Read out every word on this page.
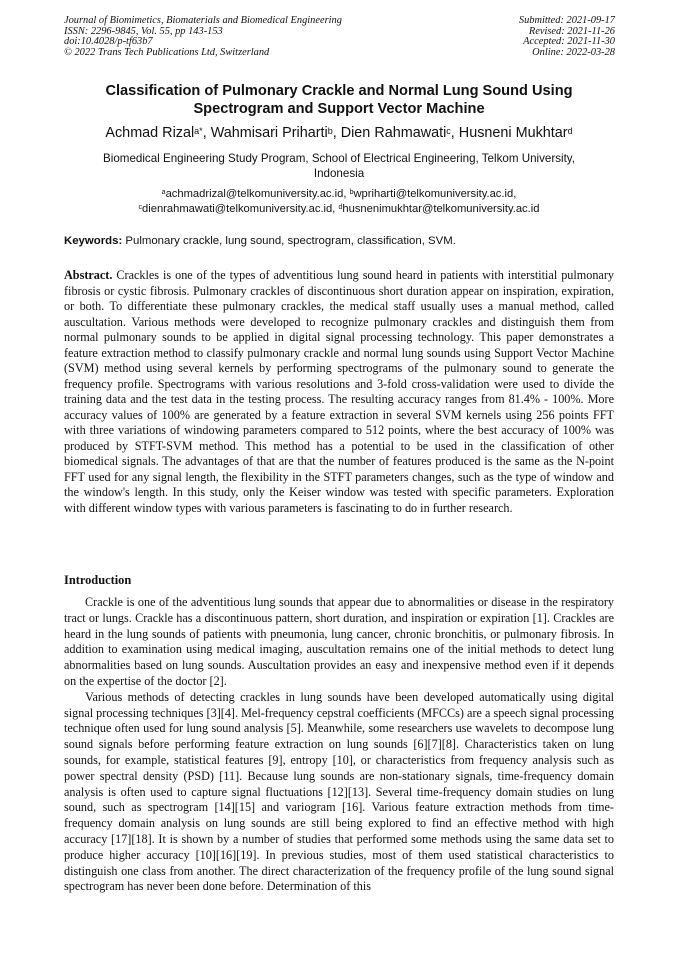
Journal of Biomimetics, Biomaterials and Biomedical Engineering
ISSN: 2296-9845, Vol. 55, pp 143-153
doi:10.4028/p-tf63b7
© 2022 Trans Tech Publications Ltd, Switzerland
Submitted: 2021-09-17
Revised: 2021-11-26
Accepted: 2021-11-30
Online: 2022-03-28
Classification of Pulmonary Crackle and Normal Lung Sound Using
Spectrogram and Support Vector Machine
Achmad Rizal$^{a*}$, Wahmisari Priharti$^b$, Dien Rahmawati$^c$, Husneni Mukhtar$^d$
Biomedical Engineering Study Program, School of Electrical Engineering, Telkom University,
Indonesia
$^a$achmadrizal@telkomuniversity.ac.id, $^b$wpriharti@telkomuniversity.ac.id,
$^c$dienrahmawati@telkomuniversity.ac.id, $^d$husnenimukhtar@telkomuniversity.ac.id
Keywords: Pulmonary crackle, lung sound, spectrogram, classification, SVM.
Abstract. Crackles is one of the types of adventitious lung sound heard in patients with interstitial pulmonary fibrosis or cystic fibrosis. Pulmonary crackles of discontinuous short duration appear on inspiration, expiration, or both. To differentiate these pulmonary crackles, the medical staff usually uses a manual method, called auscultation. Various methods were developed to recognize pulmonary crackles and distinguish them from normal pulmonary sounds to be applied in digital signal processing technology. This paper demonstrates a feature extraction method to classify pulmonary crackle and normal lung sounds using Support Vector Machine (SVM) method using several kernels by performing spectrograms of the pulmonary sound to generate the frequency profile. Spectrograms with various resolutions and 3-fold cross-validation were used to divide the training data and the test data in the testing process. The resulting accuracy ranges from 81.4% - 100%. More accuracy values of 100% are generated by a feature extraction in several SVM kernels using 256 points FFT with three variations of windowing parameters compared to 512 points, where the best accuracy of 100% was produced by STFT-SVM method. This method has a potential to be used in the classification of other biomedical signals. The advantages of that are that the number of features produced is the same as the N-point FFT used for any signal length, the flexibility in the STFT parameters changes, such as the type of window and the window's length. In this study, only the Keiser window was tested with specific parameters. Exploration with different window types with various parameters is fascinating to do in further research.
Introduction

Crackle is one of the adventitious lung sounds that appear due to abnormalities or disease in the respiratory tract or lungs. Crackle has a discontinuous pattern, short duration, and inspiration or expiration [1]. Crackles are heard in the lung sounds of patients with pneumonia, lung cancer, chronic bronchitis, or pulmonary fibrosis. In addition to examination using medical imaging, auscultation remains one of the initial methods to detect lung abnormalities based on lung sounds. Auscultation provides an easy and inexpensive method even if it depends on the expertise of the doctor [2].

Various methods of detecting crackles in lung sounds have been developed automatically using digital signal processing techniques [3][4]. Mel-frequency cepstral coefficients (MFCCs) are a speech signal processing technique often used for lung sound analysis [5]. Meanwhile, some researchers use wavelets to decompose lung sound signals before performing feature extraction on lung sounds [6][7][8]. Characteristics taken on lung sounds, for example, statistical features [9], entropy [10], or characteristics from frequency analysis such as power spectral density (PSD) [11]. Because lung sounds are non-stationary signals, time-frequency domain analysis is often used to capture signal fluctuations [12][13]. Several time-frequency domain studies on lung sound, such as spectrogram [14][15] and variogram [16]. Various feature extraction methods from time-frequency domain analysis on lung sounds are still being explored to find an effective method with high accuracy [17][18]. It is shown by a number of studies that performed some methods using the same data set to produce higher accuracy [10][16][19]. In previous studies, most of them used statistical characteristics to distinguish one class from another. The direct characterization of the frequency profile of the lung sound signal spectrogram has never been done before. Determination of this
